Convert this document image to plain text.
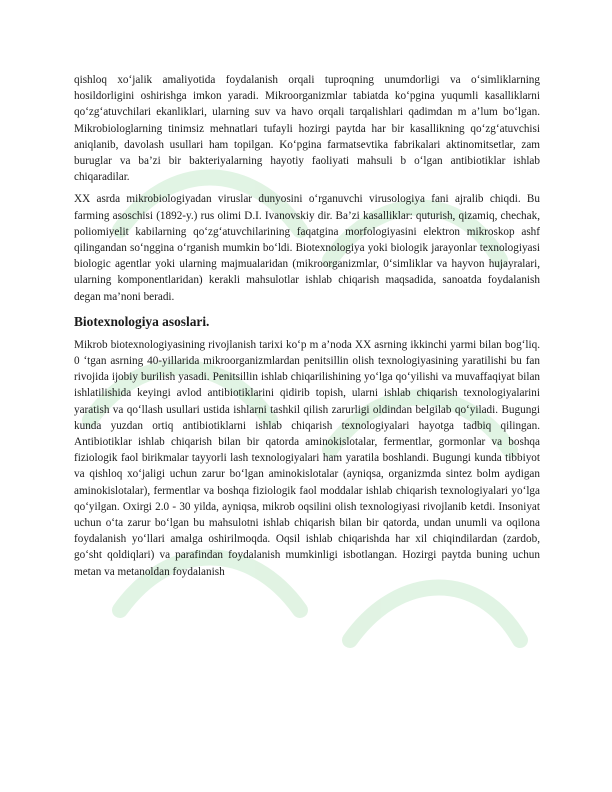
qishloq xo‘jalik amaliyotida foydalanish orqali tuproqning unumdorligi va o‘simliklarning hosildorligini oshirishga imkon yaradi. Mikroorganizmlar tabiatda ko‘pgina yuqumli kasalliklarni qo‘zg‘atuvchilari ekanliklari, ularning suv va havo orqali tarqalishlari qadimdan m a’lum bo‘lgan. Mikrobiologlarning tinimsiz mehnatlari tufayli hozirgi paytda har bir kasallikning qo‘zg‘atuvchisi aniqlanib, davolash usullari ham topilgan. Ko‘pgina farmatsevtika fabrikalari aktinomitsetlar, zam buruglar va ba’zi bir bakteriyalarning hayotiy faoliyati mahsuli b o‘lgan antibiotiklar ishlab chiqaradilar.

XX asrda mikrobiologiyadan viruslar dunyosini o‘rganuvchi virusologiya fani ajralib chiqdi. Bu farming asoschisi (1892-y.) rus olimi D.I. Ivanovskiy dir. Ba’zi kasalliklar: quturish, qizamiq, chechak, poliomiyelit kabilarning qo‘zg‘atuvchilarining faqatgina morfologiyasini elektron mikroskop ashf qilingandan so‘nggina o‘rganish mumkin bo‘ldi. Biotexnologiya yoki biologik jarayonlar texnologiyasi biologic agentlar yoki ularning majmualaridan (mikroorganizmlar, 0‘simliklar va hayvon hujayralari, ularning komponentlaridan) kerakli mahsulotlar ishlab chiqarish maqsadida, sanoatda foydalanish degan ma’noni beradi.

Biotexnologiya asoslari.

Mikrob biotexnologiyasining rivojlanish tarixi ko‘p m a’noda XX asrning ikkinchi yarmi bilan bog‘liq. 0 ‘tgan asrning 40-yillarida mikroorganizmlardan penitsillin olish texnologiyasining yaratilishi bu fan rivojida ijobiy burilish yasadi. Penitsillin ishlab chiqarilishining yo‘lga qo‘yilishi va muvaffaqiyat bilan ishlatilishida keyingi avlod antibiotiklarini qidirib topish, ularni ishlab chiqarish texnologiyalarini yaratish va qo‘llash usullari ustida ishlarni tashkil qilish zarurligi oldindan belgilab qo‘yiladi. Bugungi kunda yuzdan ortiq antibiotiklarni ishlab chiqarish texnologiyalari hayotga tadbiq qilingan. Antibiotiklar ishlab chiqarish bilan bir qatorda aminokislotalar, fermentlar, gormonlar va boshqa fiziologik faol birikmalar tayyorli lash texnologiyalari ham yaratila boshlandi. Bugungi kunda tibbiyot va qishloq xo‘jaligi uchun zarur bo‘lgan aminokislotalar (ayniqsa, organizmda sintez bolm aydigan aminokislotalar), fermentlar va boshqa fiziologik faol moddalar ishlab chiqarish texnologiyalari yo‘lga qo‘yilgan. Oxirgi 2.0 - 30 yilda, ayniqsa, mikrob oqsilini olish texnologiyasi rivojlanib ketdi. Insoniyat uchun o‘ta zarur bo‘lgan bu mahsulotni ishlab chiqarish bilan bir qatorda, undan unumli va oqilona foydalanish yo‘llari amalga oshirilmoqda. Oqsil ishlab chiqarishda har xil chiqindilardan (zardob, go‘sht qoldiqlari) va parafindan foydalanish mumkinligi isbotlangan. Hozirgi paytda buning uchun metan va metanoldan foydalanish
